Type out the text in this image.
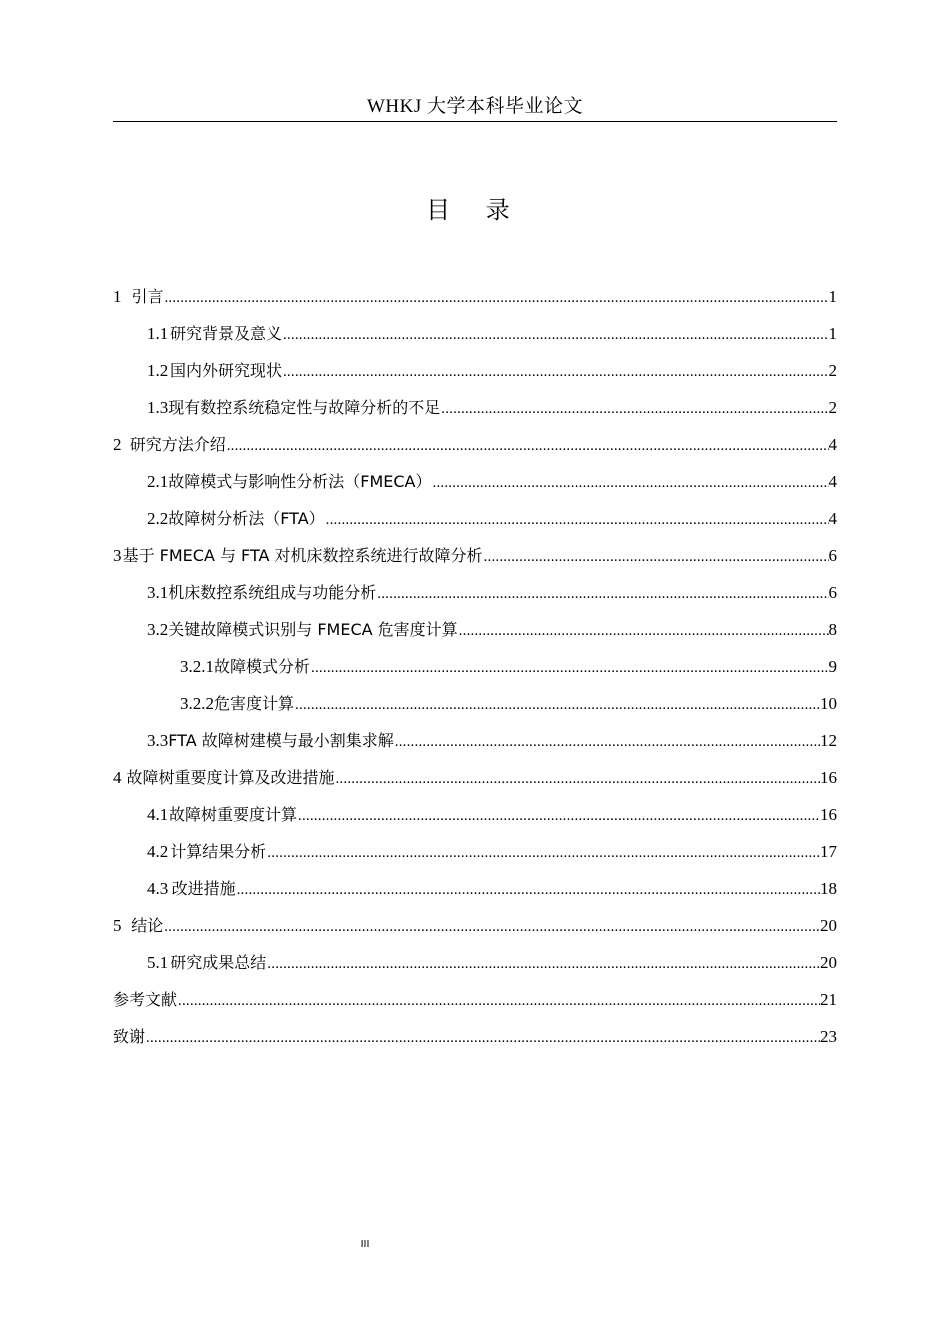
WHKJ 大学本科毕业论文
目 录
1 引言 .....	1
1.1 研究背景及意义 .....	1
1.2 国内外研究现状 .....	2
1.3 现有数控系统稳定性与故障分析的不足 .....	2
2 研究方法介绍 .....	4
2.1 故障模式与影响性分析法（FMECA） .....	4
2.2 故障树分析法（FTA） .....	4
3 基于 FMECA 与 FTA 对机床数控系统进行故障分析 .....	6
3.1 机床数控系统组成与功能分析 .....	6
3.2 关键故障模式识别与 FMECA 危害度计算 .....	8
3.2.1 故障模式分析 .....	9
3.2.2 危害度计算 .....	10
3.3 FTA 故障树建模与最小割集求解 .....	12
4 故障树重要度计算及改进措施 .....	16
4.1 故障树重要度计算 .....	16
4.2 计算结果分析 .....	17
4.3 改进措施 .....	18
5 结论 .....	20
5.1 研究成果总结 .....	20
参考文献 .....	21
致谢 .....	23
III
